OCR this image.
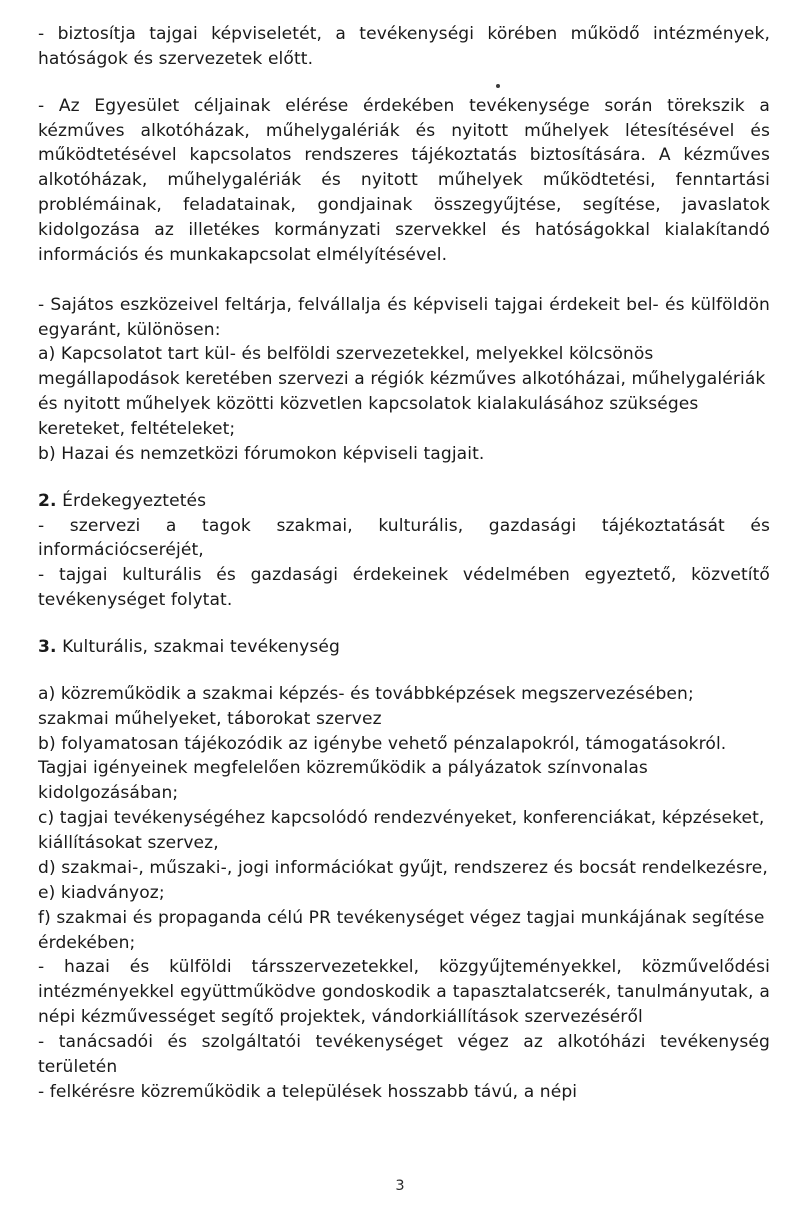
- biztosítja tajgai képviseletét, a tevékenységi körében működő intézmények, hatóságok és szervezetek előtt.

- Az Egyesület céljainak elérése érdekében tevékenysége során törekszik a kézműves alkotóházak, műhelygalériák és nyitott műhelyek létesítésével és működtetésével kapcsolatos rendszeres tájékoztatás biztosítására. A kézműves alkotóházak, műhelygalériák és nyitott műhelyek működtetési, fenntartási problémáinak, feladatainak, gondjainak összegyűjtése, segítése, javaslatok kidolgozása az illetékes kormányzati szervekkel és hatóságokkal kialakítandó információs és munkakapcsolat elmélyítésével.

- Sajátos eszközeivel feltárja, felvállalja és képviseli tajgai érdekeit bel- és külföldön egyaránt, különösen:

a) Kapcsolatot tart kül- és belföldi szervezetekkel, melyekkel kölcsönös megállapodások keretében szervezi a régiók kézműves alkotóházai, műhelygalériák és nyitott műhelyek közötti közvetlen kapcsolatok kialakulásához szükséges kereteket, feltételeket;

b) Hazai és nemzetközi fórumokon képviseli tagjait.

2. Érdekegyeztetés

- szervezi a tagok szakmai, kulturális, gazdasági tájékoztatását és információcseréjét,

- tajgai kulturális és gazdasági érdekeinek védelmében egyeztető, közvetítő tevékenységet folytat.

3. Kulturális, szakmai tevékenység

a) közreműködik a szakmai képzés- és továbbképzések megszervezésében; szakmai műhelyeket, táborokat szervez

b) folyamatosan tájékozódik az igénybe vehető pénzalapokról, támogatásokról. Tagjai igényeinek megfelelően közreműködik a pályázatok színvonalas kidolgozásában;

c) tagjai tevékenységéhez kapcsolódó rendezvényeket, konferenciákat, képzéseket, kiállításokat szervez,

d) szakmai-, műszaki-, jogi információkat gyűjt, rendszerez és bocsát rendelkezésre,

e) kiadványoz;

f) szakmai és propaganda célú PR tevékenységet végez tagjai munkájának segítése érdekében;

- hazai és külföldi társszervezetekkel, közgyűjteményekkel, közművelődési intézményekkel együttműködve gondoskodik a tapasztalatcserék, tanulmányutak, a népi kézművességet segítő projektek, vándorkiállítások szervezéséről

- tanácsadói és szolgáltatói tevékenységet végez az alkotóházi tevékenység területén

- felkérésre közreműködik a települések hosszabb távú, a népi

3
